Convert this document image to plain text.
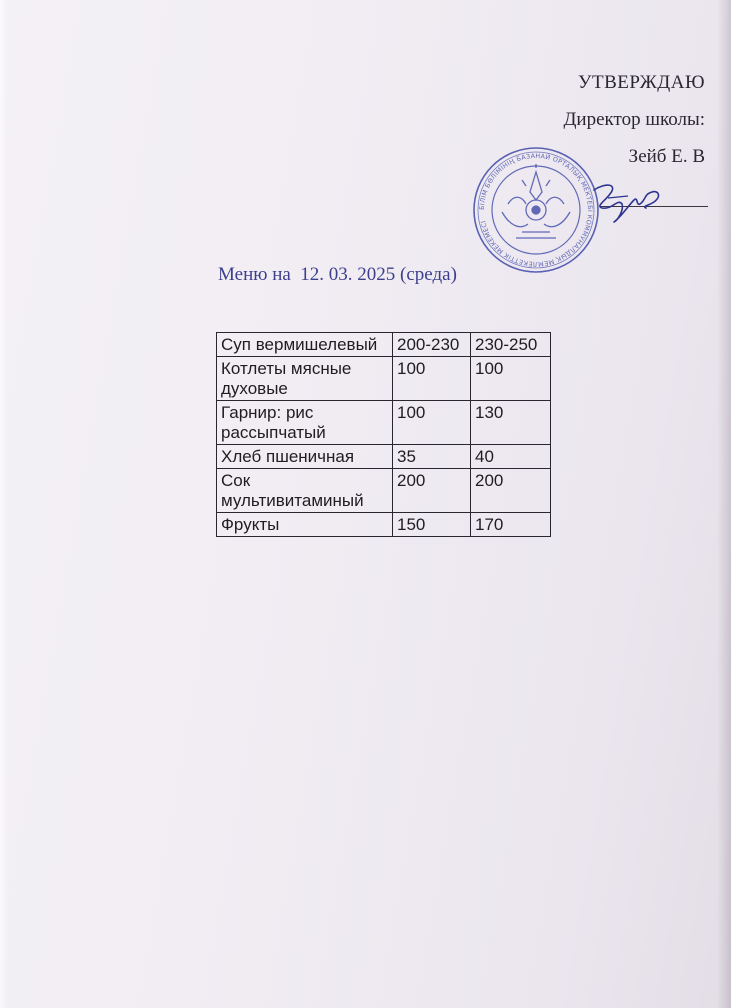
УТВЕРЖДАЮ
Директор школы:
Зейб Е. В
БІЛІМ БӨЛІМІНІҢ БАЗАНАЙ ОРТАЛЫҚ МЕКТЕБІ КОММУНАЛДЫҚ МЕМЛЕКЕТТІК МЕКЕМЕСІ
Меню на  12. 03. 2025 (среда)
Суп вермишелевый	200-230	230-250
Котлеты мясные духовые	100	100
Гарнир: рис рассыпчатый	100	130
Хлеб пшеничная	35	40
Сок мультивитаминый	200	200
Фрукты	150	170
